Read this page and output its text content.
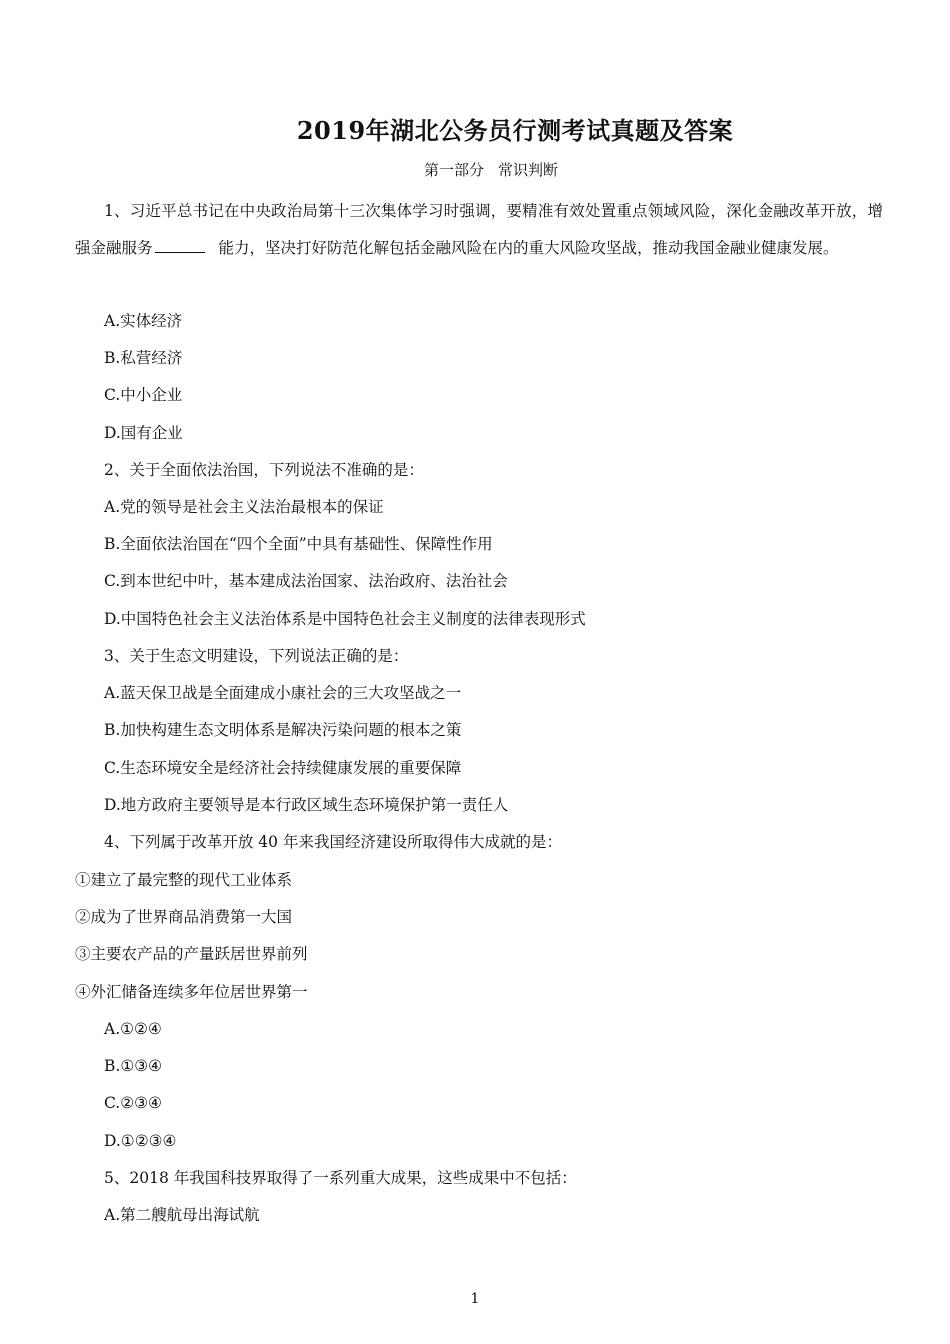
2019年湖北公务员行测考试真题及答案
第一部分 常识判断
1、习近平总书记在中央政治局第十三次集体学习时强调，要精准有效处置重点领域风险，深化金融改革开放，增强金融服务	能力，坚决打好防范化解包括金融风险在内的重大风险攻坚战，推动我国金融业健康发展。
A.实体经济
B.私营经济
C.中小企业
D.国有企业
2、关于全面依法治国，下列说法不准确的是：
A.党的领导是社会主义法治最根本的保证
B.全面依法治国在“四个全面”中具有基础性、保障性作用
C.到本世纪中叶，基本建成法治国家、法治政府、法治社会
D.中国特色社会主义法治体系是中国特色社会主义制度的法律表现形式
3、关于生态文明建设，下列说法正确的是：
A.蓝天保卫战是全面建成小康社会的三大攻坚战之一
B.加快构建生态文明体系是解决污染问题的根本之策
C.生态环境安全是经济社会持续健康发展的重要保障
D.地方政府主要领导是本行政区域生态环境保护第一责任人
4、下列属于改革开放 40 年来我国经济建设所取得伟大成就的是：
①建立了最完整的现代工业体系
②成为了世界商品消费第一大国
③主要农产品的产量跃居世界前列
④外汇储备连续多年位居世界第一
A.①②④
B.①③④
C.②③④
D.①②③④
5、2018 年我国科技界取得了一系列重大成果，这些成果中不包括：
A.第二艘航母出海试航
1
